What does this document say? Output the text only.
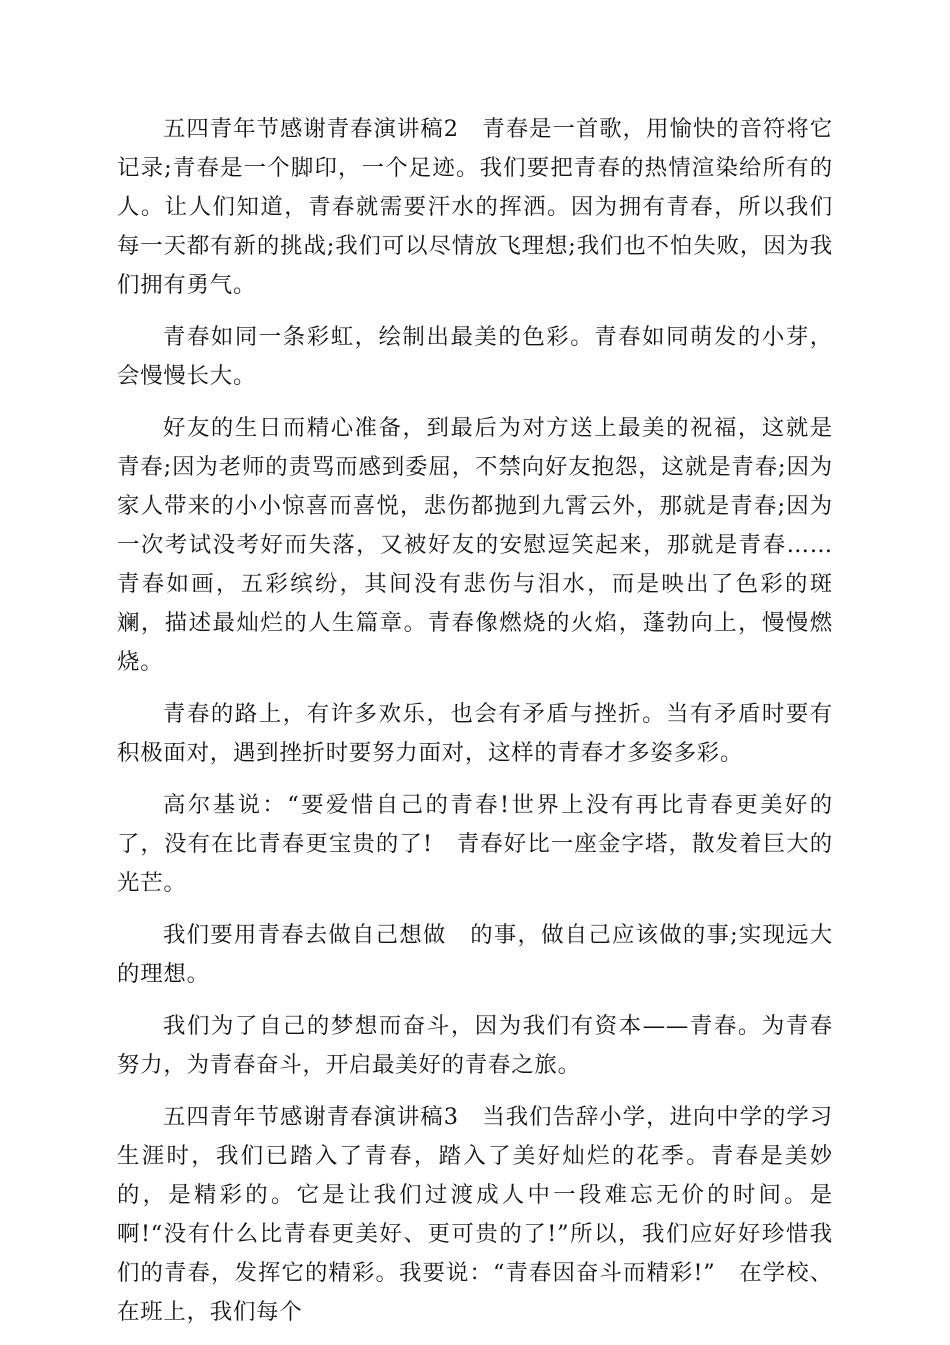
五四青年节感谢青春演讲稿2　青春是一首歌，用愉快的音符将它记录;青春是一个脚印，一个足迹。我们要把青春的热情渲染给所有的人。让人们知道，青春就需要汗水的挥洒。因为拥有青春，所以我们每一天都有新的挑战;我们可以尽情放飞理想;我们也不怕失败，因为我们拥有勇气。

青春如同一条彩虹，绘制出最美的色彩。青春如同萌发的小芽，会慢慢长大。

好友的生日而精心准备，到最后为对方送上最美的祝福，这就是青春;因为老师的责骂而感到委屈，不禁向好友抱怨，这就是青春;因为家人带来的小小惊喜而喜悦，悲伤都抛到九霄云外，那就是青春;因为一次考试没考好而失落，又被好友的安慰逗笑起来，那就是青春……　青春如画，五彩缤纷，其间没有悲伤与泪水，而是映出了色彩的斑斓，描述最灿烂的人生篇章。青春像燃烧的火焰，蓬勃向上，慢慢燃烧。

青春的路上，有许多欢乐，也会有矛盾与挫折。当有矛盾时要有积极面对，遇到挫折时要努力面对，这样的青春才多姿多彩。

高尔基说：“要爱惜自己的青春!世界上没有再比青春更美好的了，没有在比青春更宝贵的了!　青春好比一座金字塔，散发着巨大的光芒。

我们要用青春去做自己想做　的事，做自己应该做的事;实现远大的理想。

我们为了自己的梦想而奋斗，因为我们有资本——青春。为青春努力，为青春奋斗，开启最美好的青春之旅。

五四青年节感谢青春演讲稿3　当我们告辞小学，进向中学的学习生涯时，我们已踏入了青春，踏入了美好灿烂的花季。青春是美妙的，是精彩的。它是让我们过渡成人中一段难忘无价的时间。是啊!“没有什么比青春更美好、更可贵的了!”所以，我们应好好珍惜我们的青春，发挥它的精彩。我要说：“青春因奋斗而精彩!”　在学校、在班上，我们每个
